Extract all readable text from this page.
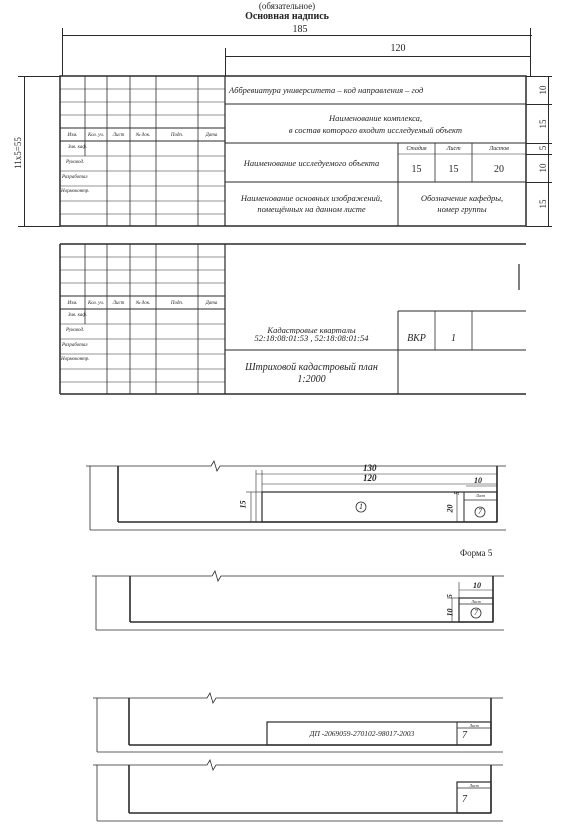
(обязательное)
Основная надпись
185
120
11x5=55
Изм.	Кол. уч.	Лист	№ док.	Подп.	Дата
Зав. каф.
Руковод.
Разработал
Нормоконтр.
Аббревиатура университета – код направления – год
Наименование комплекса,
в состав которого входит исследуемый объект
Наименование исследуемого объекта
Наименование основных изображений,
помещённых на данном листе
Обозначение кафедры,
номер группы
Стадия	Лист	Листов
15	15	20
10
15
5
10
15
Изм.	Кол. уч.	Лист	№ док.	Подп.	Дата
Зав. каф.
Руковод.
Разработал
Нормоконтр.
Кадастровые кварталы
52:18:08:01:53 , 52:18:08:01:54	ВКР	1
Штриховой кадастровый план
1:2000
130
120	10
15	20
5
1
7
Лист
Форма 5
10
5
10	7
Лист
ДП -2069059-270102-98017-2003
Лист
7
Лист
7
